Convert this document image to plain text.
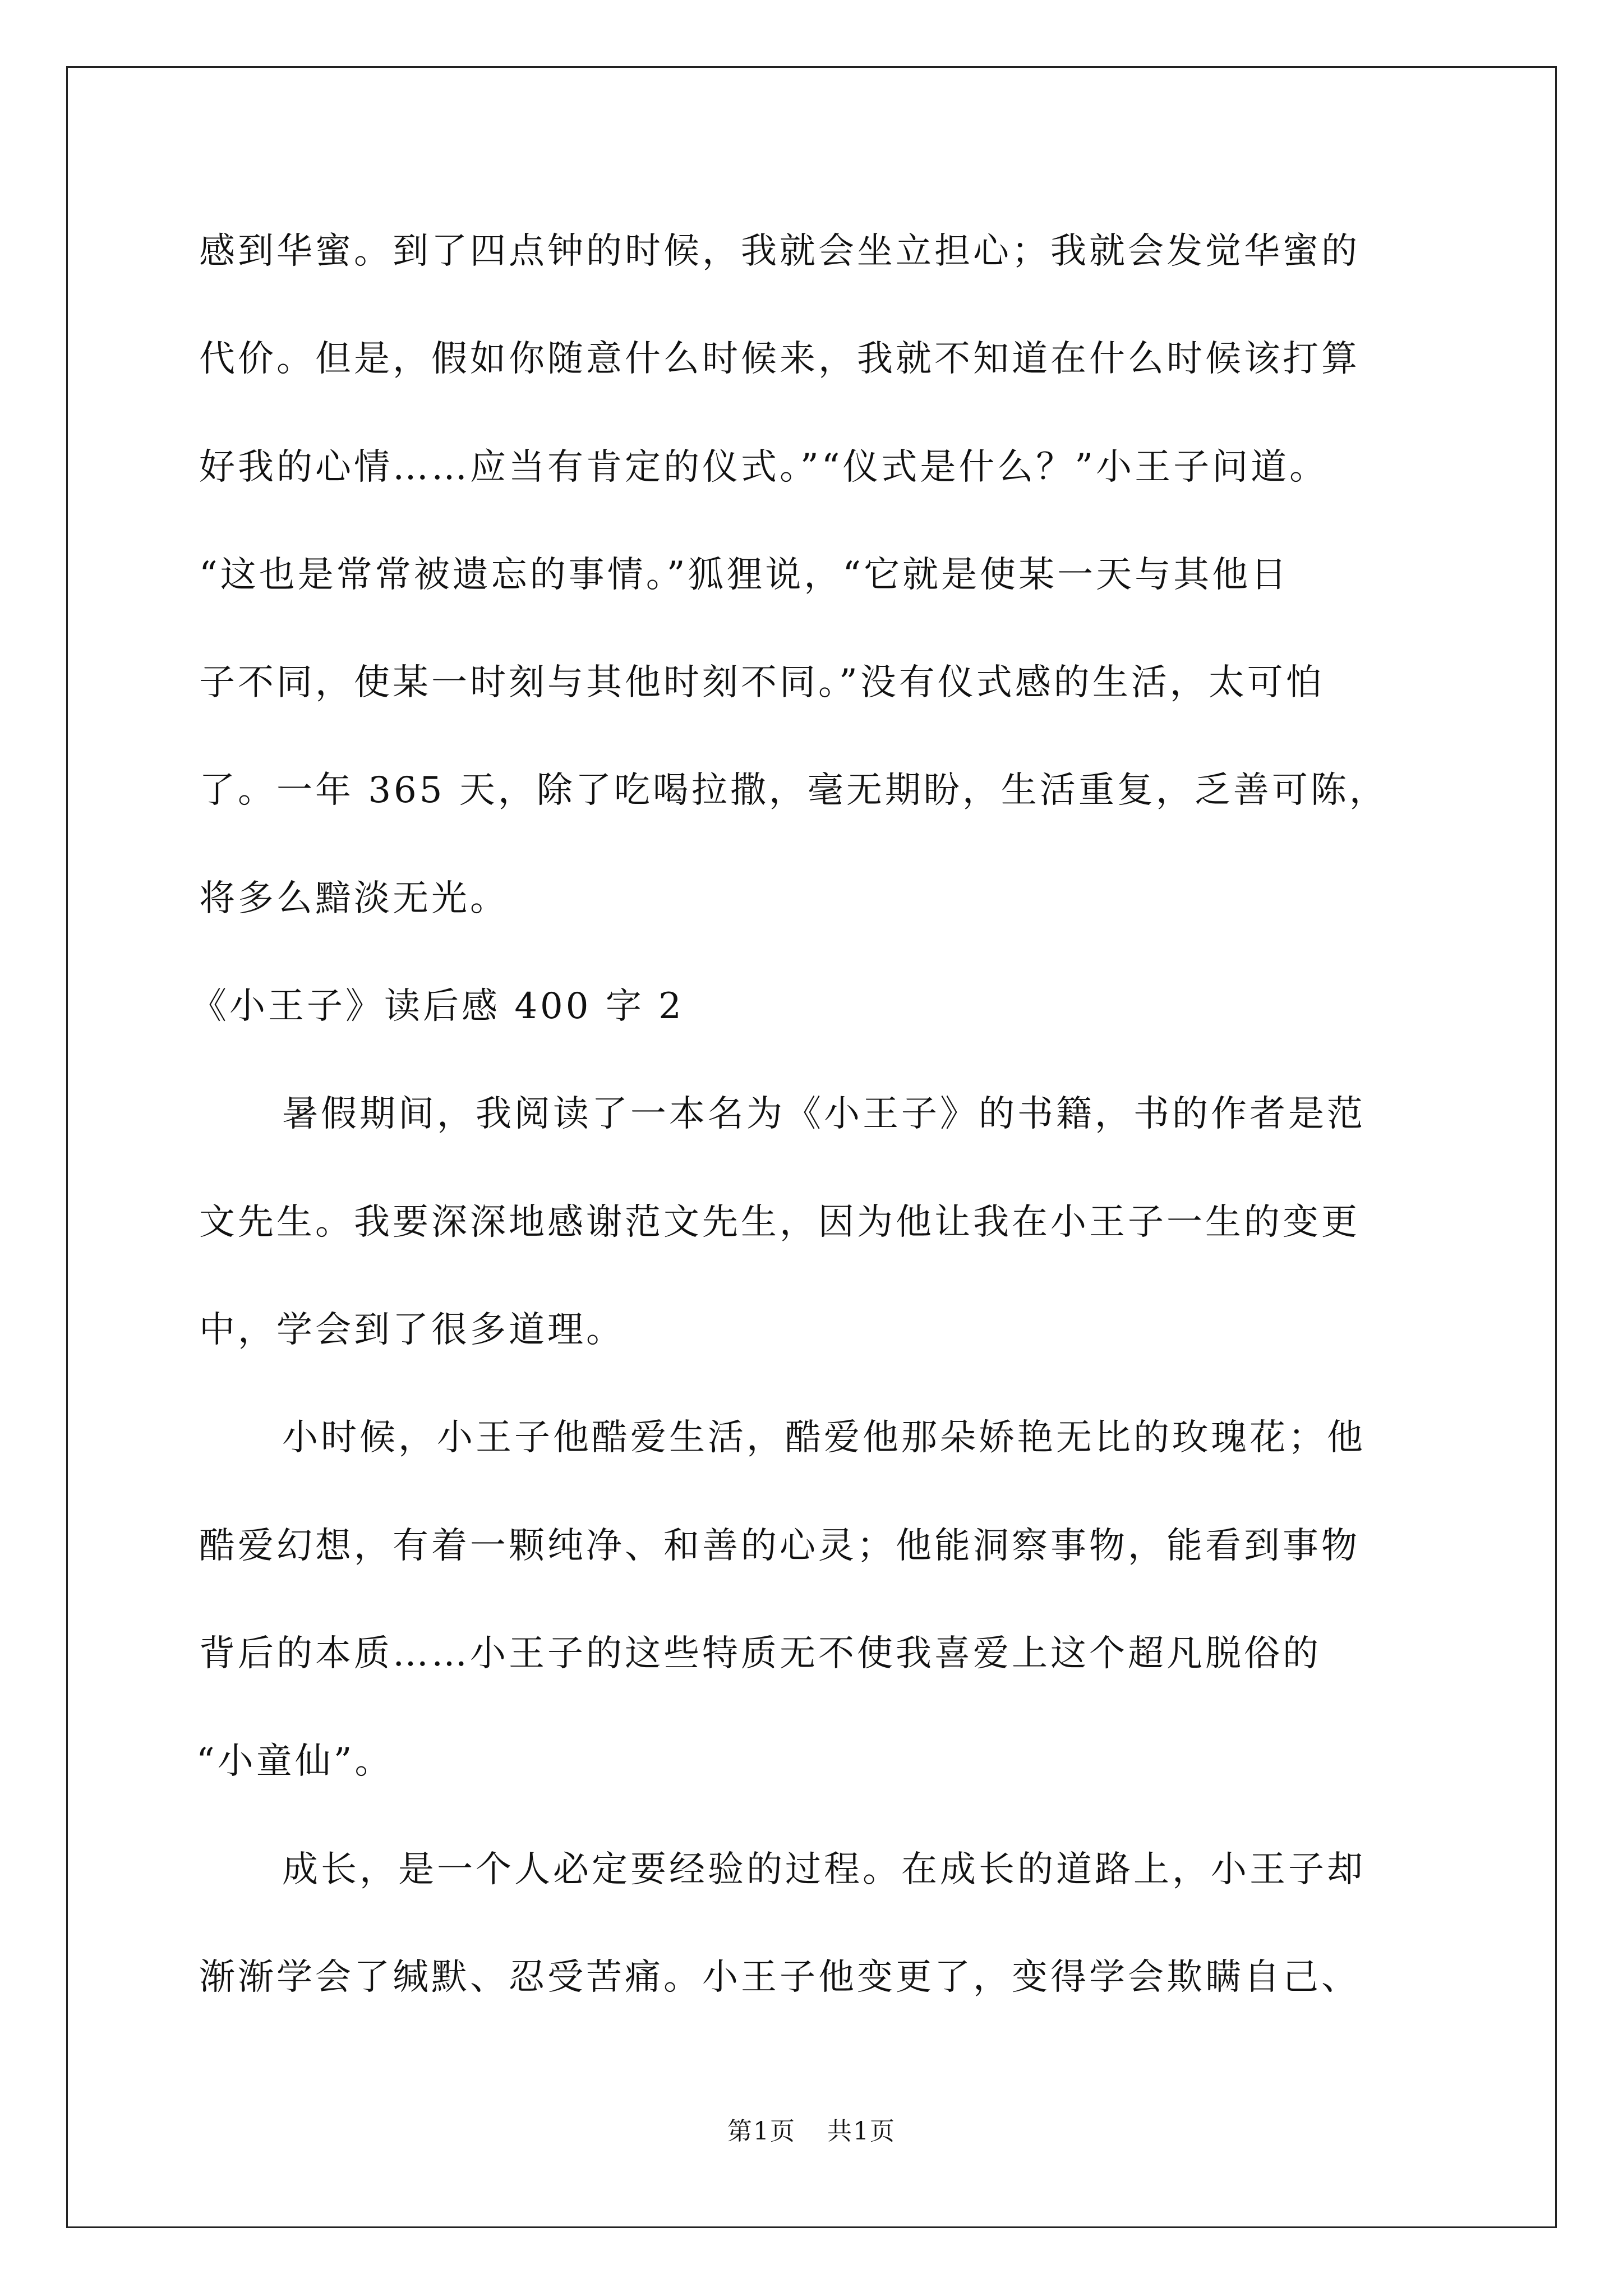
感到华蜜。到了四点钟的时候，我就会坐立担心；我就会发觉华蜜的
代价。但是，假如你随意什么时候来，我就不知道在什么时候该打算
好我的心情……应当有肯定的仪式。”“仪式是什么？”小王子问道。
“这也是常常被遗忘的事情。”狐狸说，“它就是使某一天与其他日
子不同，使某一时刻与其他时刻不同。”没有仪式感的生活，太可怕
了。一年 365 天，除了吃喝拉撒，毫无期盼，生活重复，乏善可陈，
将多么黯淡无光。
《小王子》读后感 400 字 2
暑假期间，我阅读了一本名为《小王子》的书籍，书的作者是范
文先生。我要深深地感谢范文先生，因为他让我在小王子一生的变更
中，学会到了很多道理。
小时候，小王子他酷爱生活，酷爱他那朵娇艳无比的玫瑰花；他
酷爱幻想，有着一颗纯净、和善的心灵；他能洞察事物，能看到事物
背后的本质……小王子的这些特质无不使我喜爱上这个超凡脱俗的
“小童仙”。
成长，是一个人必定要经验的过程。在成长的道路上，小王子却
渐渐学会了缄默、忍受苦痛。小王子他变更了，变得学会欺瞒自己、
第1页 共1页
